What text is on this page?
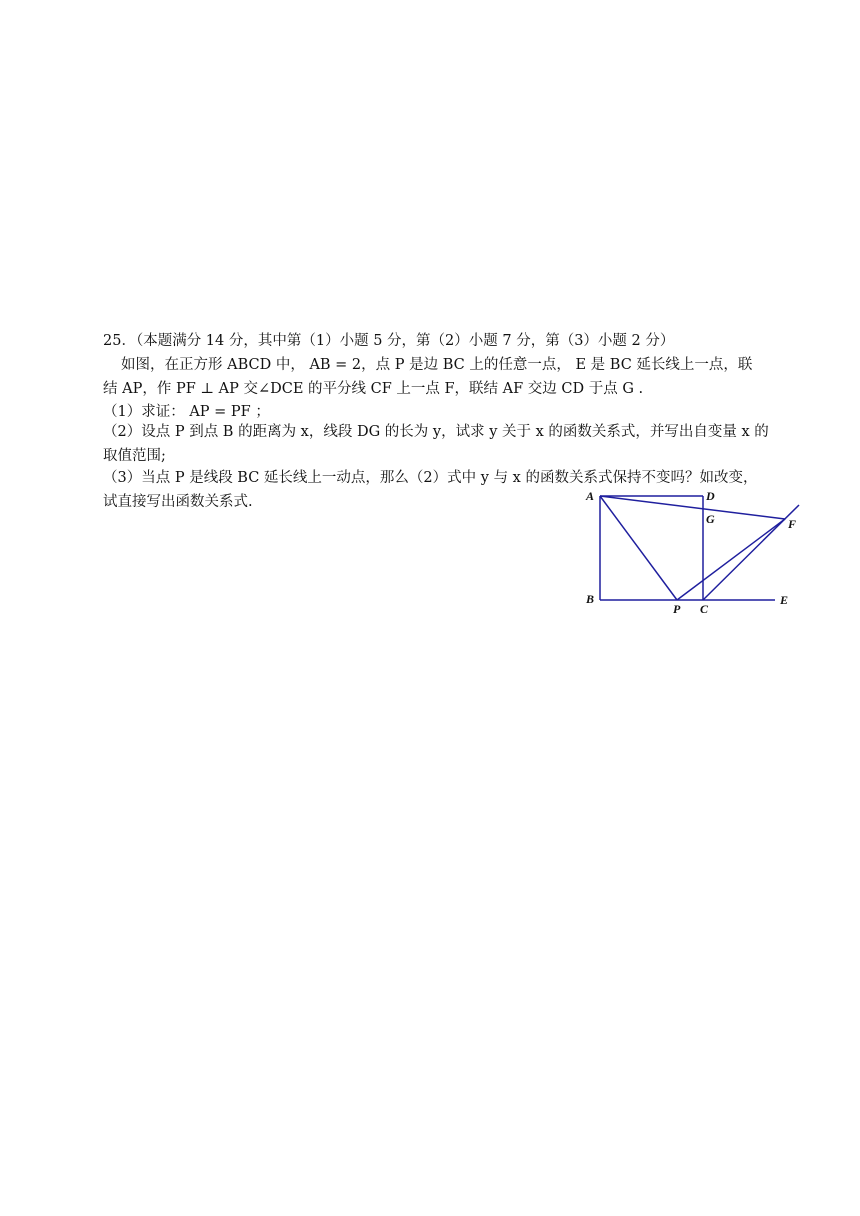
25．（本题满分 14 分，其中第（1）小题 5 分，第（2）小题 7 分，第（3）小题 2 分）
如图，在正方形 ABCD 中， AB = 2，点 P 是边 BC 上的任意一点， E 是 BC 延长线上一点，联
结 AP，作 PF ⊥ AP 交∠DCE 的平分线 CF 上一点 F，联结 AF 交边 CD 于点 G .
（1）求证： AP = PF ；
（2）设点 P 到点 B 的距离为 x，线段 DG 的长为 y，试求 y 关于 x 的函数关系式，并写出自变量 x 的
取值范围;
（3）当点 P 是线段 BC 延长线上一动点，那么（2）式中 y 与 x 的函数关系式保持不变吗？如改变，
试直接写出函数关系式.	A	D
G	F
B
P C
E
